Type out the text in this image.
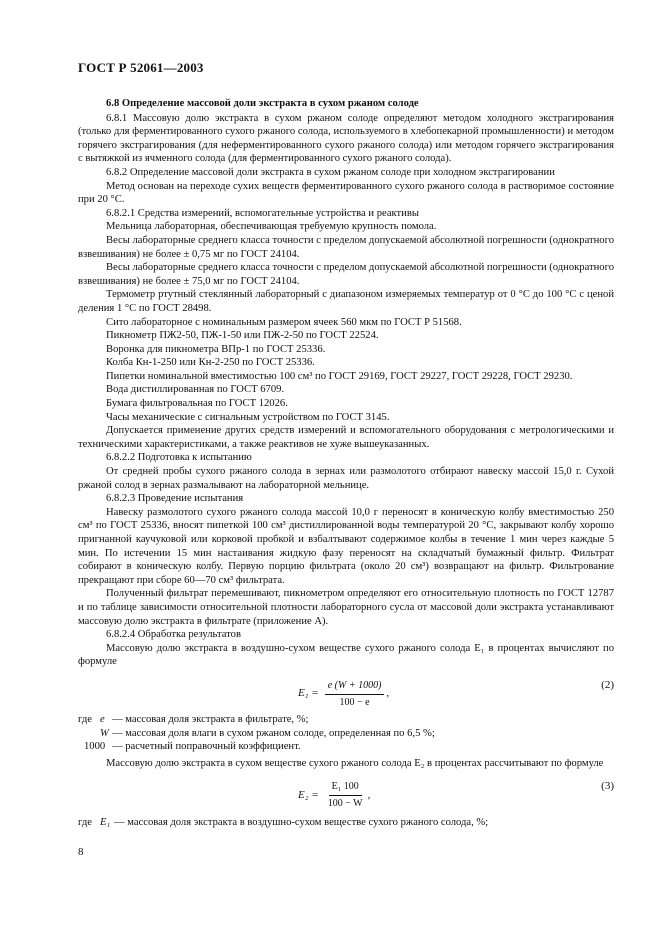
ГОСТ Р 52061—2003

6.8 Определение массовой доли экстракта в сухом ржаном солоде

6.8.1 Массовую долю экстракта в сухом ржаном солоде определяют методом холодного экстрагирования (только для ферментированного сухого ржаного солода, используемого в хлебопекарной промышленности) и методом горячего экстрагирования (для неферментированного сухого ржаного солода) или методом горячего экстрагирования с вытяжкой из ячменного солода (для ферментированного сухого ржаного солода).

6.8.2 Определение массовой доли экстракта в сухом ржаном солоде при холодном экстрагировании

Метод основан на переходе сухих веществ ферментированного сухого ржаного солода в растворимое состояние при 20 °С.

6.8.2.1 Средства измерений, вспомогательные устройства и реактивы

Мельница лабораторная, обеспечивающая требуемую крупность помола.

Весы лабораторные среднего класса точности с пределом допускаемой абсолютной погрешности (однократного взвешивания) не более ± 0,75 мг по ГОСТ 24104.

Весы лабораторные среднего класса точности с пределом допускаемой абсолютной погрешности (однократного взвешивания) не более ± 75,0 мг по ГОСТ 24104.

Термометр ртутный стеклянный лабораторный с диапазоном измеряемых температур от 0 °С до 100 °С с ценой деления 1 °С по ГОСТ 28498.

Сито лабораторное с номинальным размером ячеек 560 мкм по ГОСТ Р 51568.

Пикнометр ПЖ2-50, ПЖ-1-50 или ПЖ-2-50 по ГОСТ 22524.

Воронка для пикнометра ВПр-1 по ГОСТ 25336.

Колба Кн-1-250 или Кн-2-250 по ГОСТ 25336.

Пипетки номинальной вместимостью 100 см³ по ГОСТ 29169, ГОСТ 29227, ГОСТ 29228, ГОСТ 29230.

Вода дистиллированная по ГОСТ 6709.

Бумага фильтровальная по ГОСТ 12026.

Часы механические с сигнальным устройством по ГОСТ 3145.

Допускается применение других средств измерений и вспомогательного оборудования с метрологическими и техническими характеристиками, а также реактивов не хуже вышеуказанных.

6.8.2.2 Подготовка к испытанию

От средней пробы сухого ржаного солода в зернах или размолотого отбирают навеску массой 15,0 г. Сухой ржаной солод в зернах размалывают на лабораторной мельнице.

6.8.2.3 Проведение испытания

Навеску размолотого сухого ржаного солода массой 10,0 г переносят в коническую колбу вместимостью 250 см³ по ГОСТ 25336, вносят пипеткой 100 см³ дистиллированной воды температурой 20 °С, закрывают колбу хорошо пригнанной каучуковой или корковой пробкой и взбалтывают содержимое колбы в течение 1 мин через каждые 5 мин. По истечении 15 мин настаивания жидкую фазу переносят на складчатый бумажный фильтр. Фильтрат собирают в коническую колбу. Первую порцию фильтрата (около 20 см³) возвращают на фильтр. Фильтрование прекращают при сборе 60—70 см³ фильтрата.

Полученный фильтрат перемешивают, пикнометром определяют его относительную плотность по ГОСТ 12787 и по таблице зависимости относительной плотности лабораторного сусла от массовой доли экстракта устанавливают массовую долю экстракта в фильтрате (приложение А).

6.8.2.4 Обработка результатов

Массовую долю экстракта в воздушно-сухом веществе сухого ржаного солода E₁ в процентах вычисляют по формуле

$E_1 = \frac{e (W + 1000)}{100 - e}$ ,
(2)
где e — массовая доля экстракта в фильтрате, %;
W — массовая доля влаги в сухом ржаном солоде, определенная по 6,5 %;
1000 — расчетный поправочный коэффициент.

Массовую долю экстракта в сухом веществе сухого ржаного солода E₂ в процентах рассчитывают по формуле

$E_2 = \frac{\text{E₁ 100}}{100 - W}$ ,
(3)
где E₁ — массовая доля экстракта в воздушно-сухом веществе сухого ржаного солода, %;
8
